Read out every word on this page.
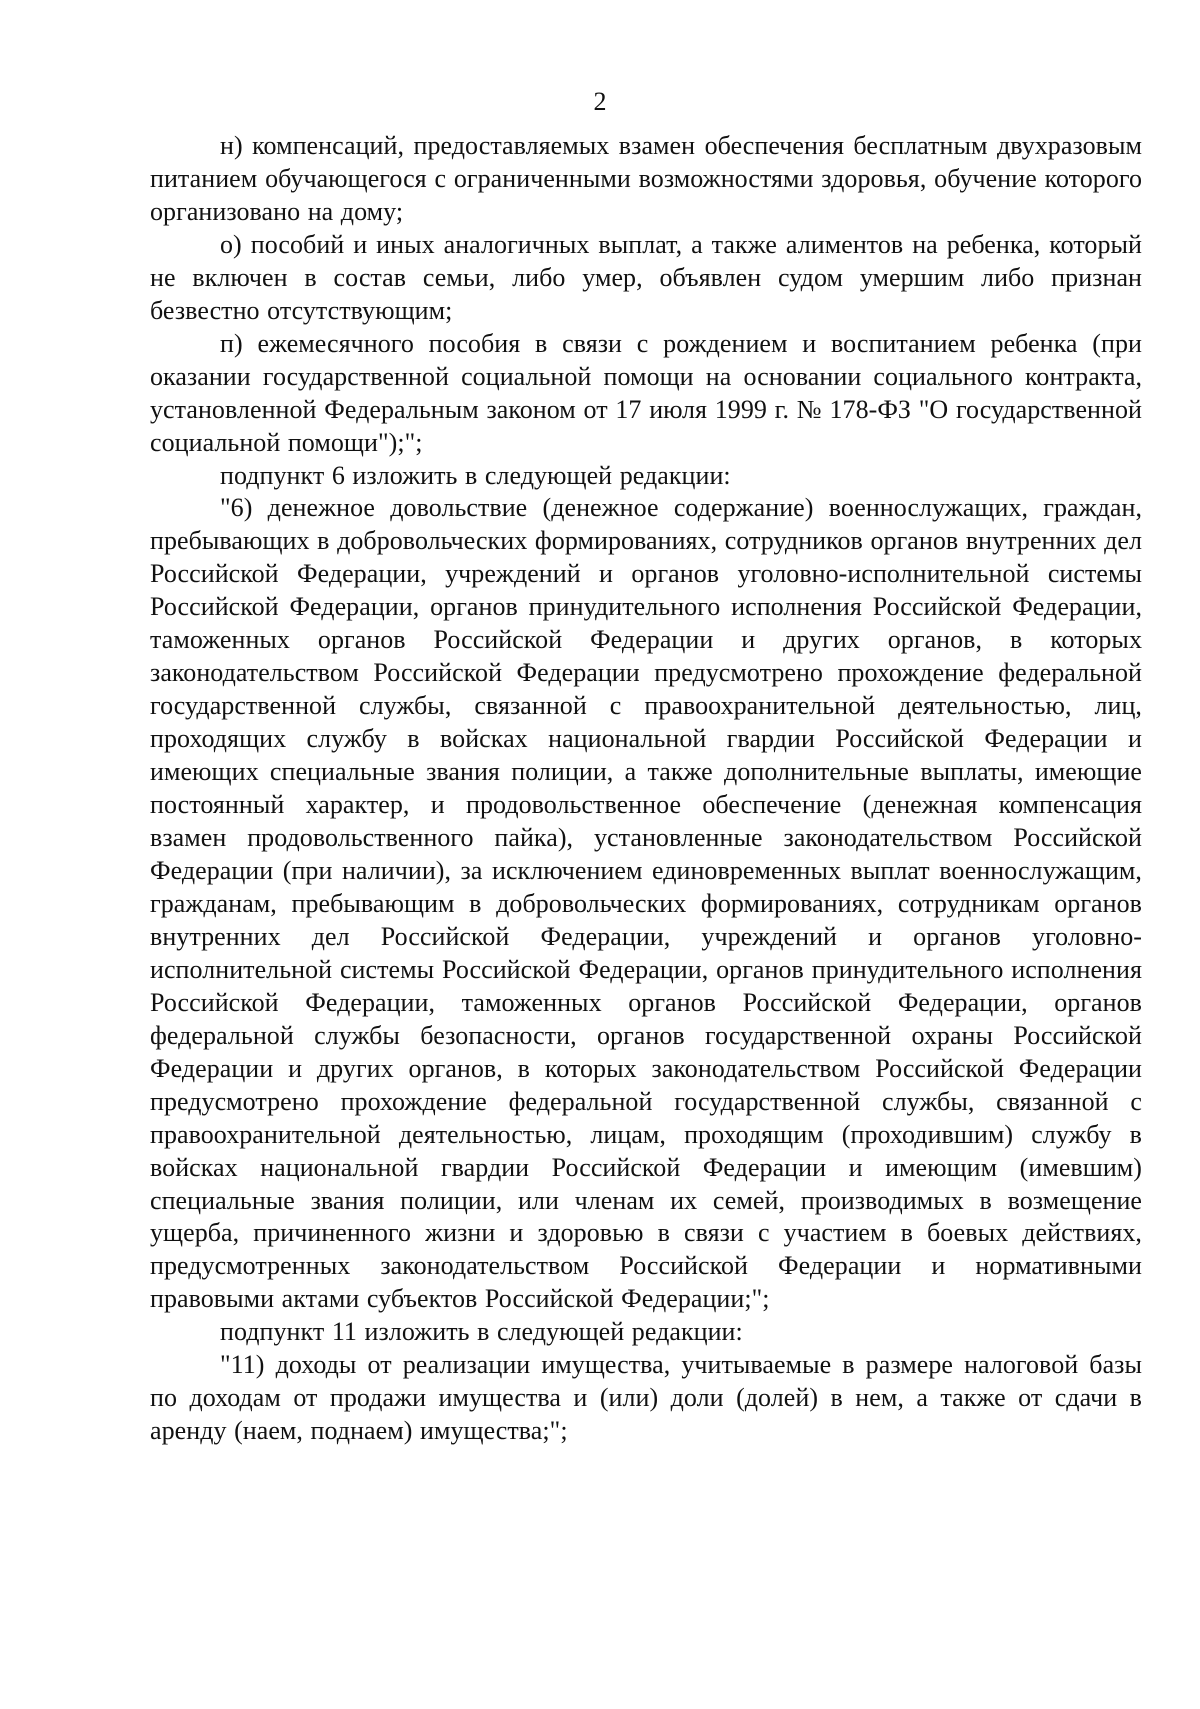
2

н) компенсаций, предоставляемых взамен обеспечения бесплатным двухразовым питанием обучающегося с ограниченными возможностями здоровья, обучение которого организовано на дому;

о) пособий и иных аналогичных выплат, а также алиментов на ребенка, который не включен в состав семьи, либо умер, объявлен судом умершим либо признан безвестно отсутствующим;

п) ежемесячного пособия в связи с рождением и воспитанием ребенка (при оказании государственной социальной помощи на основании социального контракта, установленной Федеральным законом от 17 июля 1999 г. № 178-ФЗ "О государственной социальной помощи");";

подпункт 6 изложить в следующей редакции:

"6) денежное довольствие (денежное содержание) военнослужащих, граждан, пребывающих в добровольческих формированиях, сотрудников органов внутренних дел Российской Федерации, учреждений и органов уголовно-исполнительной системы Российской Федерации, органов принудительного исполнения Российской Федерации, таможенных органов Российской Федерации и других органов, в которых законодательством Российской Федерации предусмотрено прохождение федеральной государственной службы, связанной с правоохранительной деятельностью, лиц, проходящих службу в войсках национальной гвардии Российской Федерации и имеющих специальные звания полиции, а также дополнительные выплаты, имеющие постоянный характер, и продовольственное обеспечение (денежная компенсация взамен продовольственного пайка), установленные законодательством Российской Федерации (при наличии), за исключением единовременных выплат военнослужащим, гражданам, пребывающим в добровольческих формированиях, сотрудникам органов внутренних дел Российской Федерации, учреждений и органов уголовно-исполнительной системы Российской Федерации, органов принудительного исполнения Российской Федерации, таможенных органов Российской Федерации, органов федеральной службы безопасности, органов государственной охраны Российской Федерации и других органов, в которых законодательством Российской Федерации предусмотрено прохождение федеральной государственной службы, связанной с правоохранительной деятельностью, лицам, проходящим (проходившим) службу в войсках национальной гвардии Российской Федерации и имеющим (имевшим) специальные звания полиции, или членам их семей, производимых в возмещение ущерба, причиненного жизни и здоровью в связи с участием в боевых действиях, предусмотренных законодательством Российской Федерации и нормативными правовыми актами субъектов Российской Федерации;";

подпункт 11 изложить в следующей редакции:

"11) доходы от реализации имущества, учитываемые в размере налоговой базы по доходам от продажи имущества и (или) доли (долей) в нем, а также от сдачи в аренду (наем, поднаем) имущества;";
